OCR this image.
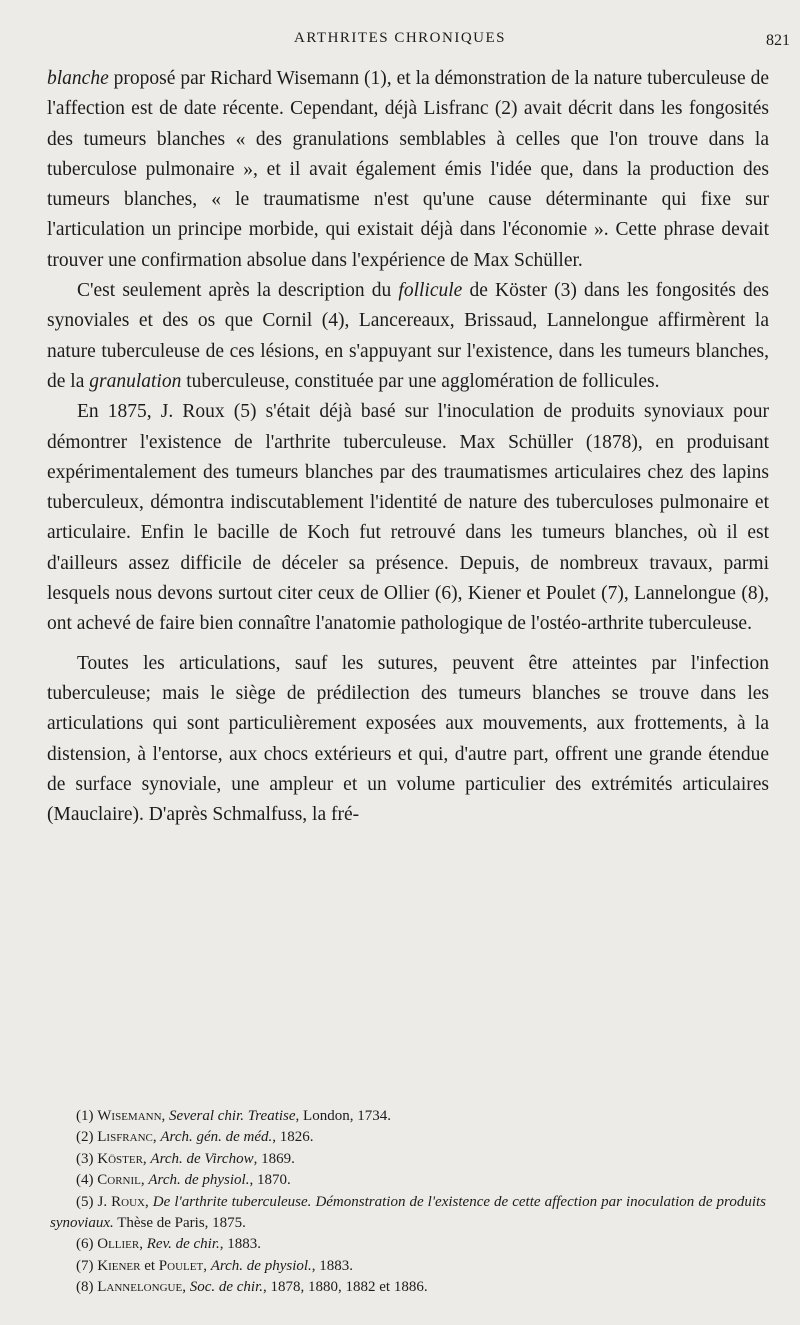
ARTHRITES CHRONIQUES	821

blanche proposé par Richard Wisemann (1), et la démonstration de la nature tuberculeuse de l'affection est de date récente. Cependant, déjà Lisfranc (2) avait décrit dans les fongosités des tumeurs blanches « des granulations semblables à celles que l'on trouve dans la tuberculose pulmonaire », et il avait également émis l'idée que, dans la production des tumeurs blanches, « le traumatisme n'est qu'une cause déterminante qui fixe sur l'articulation un principe morbide, qui existait déjà dans l'économie ». Cette phrase devait trouver une confirmation absolue dans l'expérience de Max Schüller.

C'est seulement après la description du follicule de Köster (3) dans les fongosités des synoviales et des os que Cornil (4), Lancereaux, Brissaud, Lannelongue affirmèrent la nature tuberculeuse de ces lésions, en s'appuyant sur l'existence, dans les tumeurs blanches, de la granulation tuberculeuse, constituée par une agglomération de follicules.

En 1875, J. Roux (5) s'était déjà basé sur l'inoculation de produits synoviaux pour démontrer l'existence de l'arthrite tuberculeuse. Max Schüller (1878), en produisant expérimentalement des tumeurs blanches par des traumatismes articulaires chez des lapins tuberculeux, démontra indiscutablement l'identité de nature des tuberculoses pulmonaire et articulaire. Enfin le bacille de Koch fut retrouvé dans les tumeurs blanches, où il est d'ailleurs assez difficile de déceler sa présence. Depuis, de nombreux travaux, parmi lesquels nous devons surtout citer ceux de Ollier (6), Kiener et Poulet (7), Lannelongue (8), ont achevé de faire bien connaître l'anatomie pathologique de l'ostéo-arthrite tuberculeuse.

Toutes les articulations, sauf les sutures, peuvent être atteintes par l'infection tuberculeuse; mais le siège de prédilection des tumeurs blanches se trouve dans les articulations qui sont particulièrement exposées aux mouvements, aux frottements, à la distension, à l'entorse, aux chocs extérieurs et qui, d'autre part, offrent une grande étendue de surface synoviale, une ampleur et un volume particulier des extrémités articulaires (Mauclaire). D'après Schmalfuss, la fré-

(1) Wisemann, Several chir. Treatise, London, 1734.

(2) Lisfranc, Arch. gén. de méd., 1826.

(3) Köster, Arch. de Virchow, 1869.

(4) Cornil, Arch. de physiol., 1870.

(5) J. Roux, De l'arthrite tuberculeuse. Démonstration de l'existence de cette affection par inoculation de produits synoviaux. Thèse de Paris, 1875.

(6) Ollier, Rev. de chir., 1883.

(7) Kiener et Poulet, Arch. de physiol., 1883.

(8) Lannelongue, Soc. de chir., 1878, 1880, 1882 et 1886.
